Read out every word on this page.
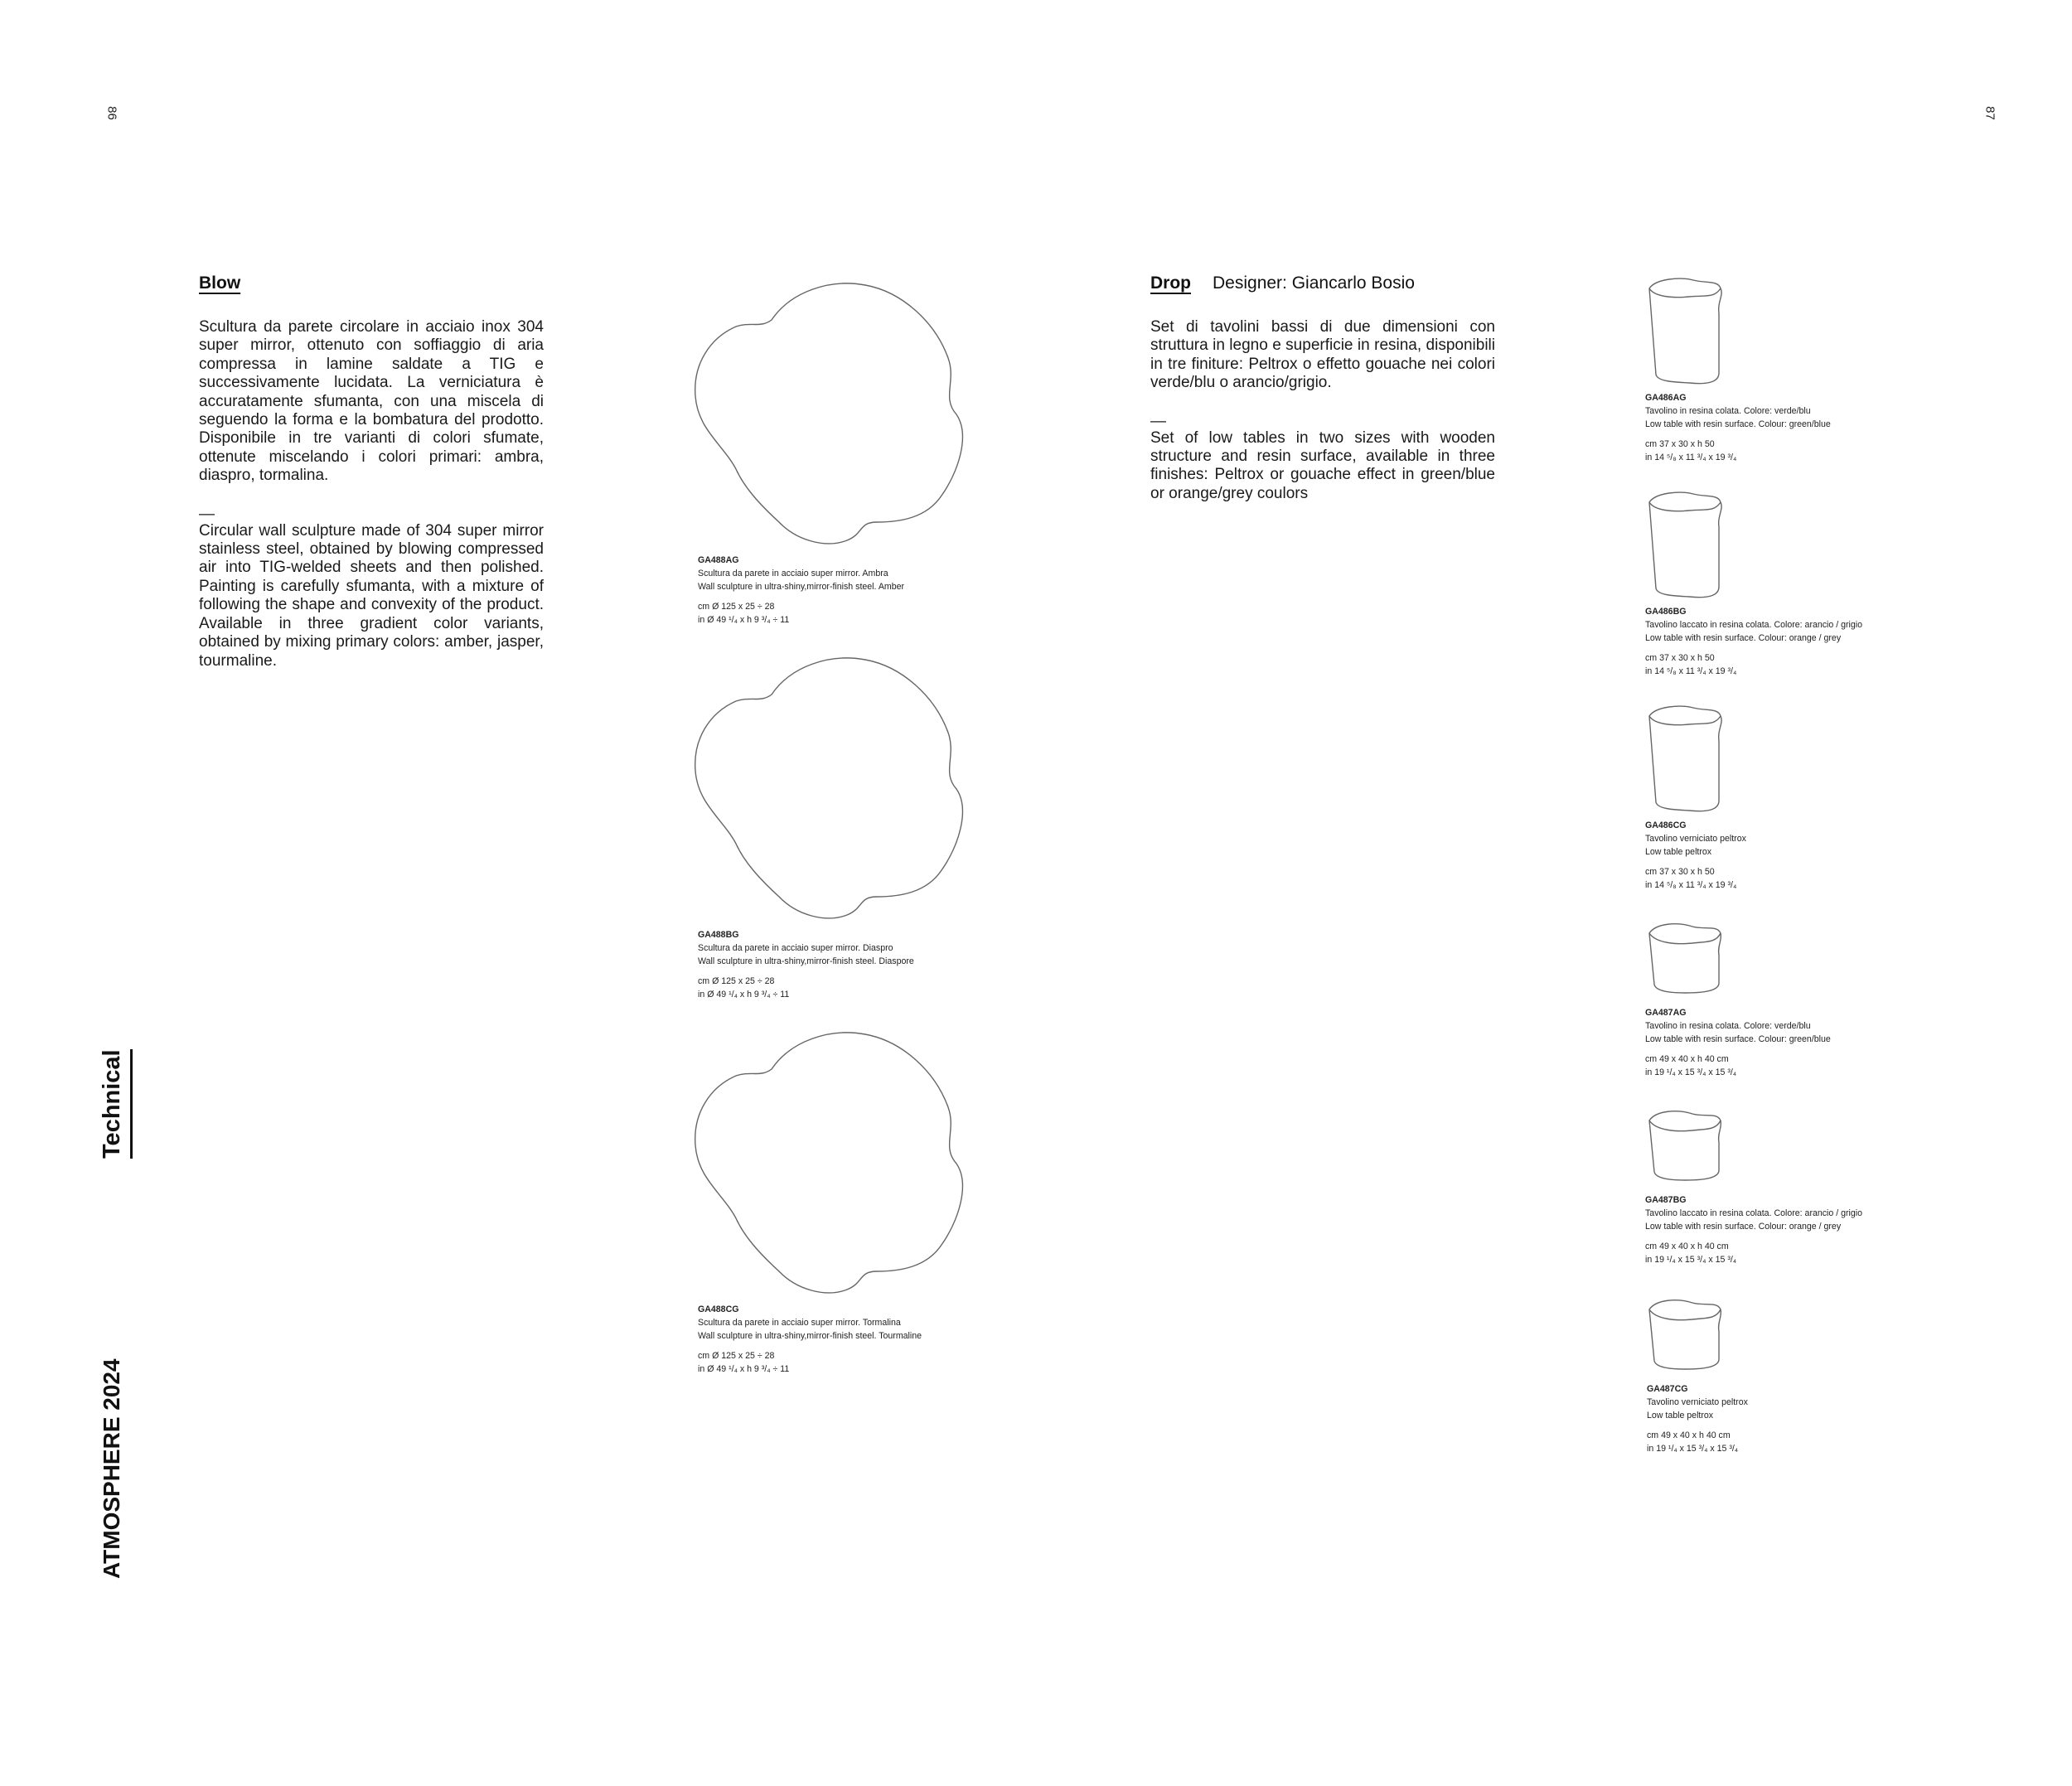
86	87
Technical
ATMOSPHERE 2024
Blow

Scultura da parete circolare in acciaio inox 304 super mirror, ottenuto con soffiaggio di aria compressa in lamine saldate a TIG e successivamente lucidata. La verniciatura è accuratamente sfumanta, con una miscela di seguendo la forma e la bombatura del prodotto. Disponibile in tre varianti di colori sfumate, ottenute miscelando i colori primari: ambra, diaspro, tormalina.

—

Circular wall sculpture made of 304 super mirror stainless steel, obtained by blowing compressed air into TIG-welded sheets and then polished. Painting is carefully sfumanta, with a mixture of following the shape and convexity of the product. Available in three gradient color variants, obtained by mixing primary colors: amber, jasper, tourmaline.

GA488AG
Scultura da parete in acciaio super mirror. Ambra
Wall sculpture in ultra-shiny,mirror-finish steel. Amber
cm Ø 125 x 25 ÷ 28
in Ø 49 ¹/₄ x h 9 ³/₄ ÷ 11
GA488BG
Scultura da parete in acciaio super mirror. Diaspro
Wall sculpture in ultra-shiny,mirror-finish steel. Diaspore
cm Ø 125 x 25 ÷ 28
in Ø 49 ¹/₄ x h 9 ³/₄ ÷ 11
GA488CG
Scultura da parete in acciaio super mirror. Tormalina
Wall sculpture in ultra-shiny,mirror-finish steel. Tourmaline
cm Ø 125 x 25 ÷ 28
in Ø 49 ¹/₄ x h 9 ³/₄ ÷ 11
Drop Designer: Giancarlo Bosio

Set di tavolini bassi di due dimensioni con struttura in legno e superficie in resina, disponibili in tre finiture: Peltrox o effetto gouache nei colori verde/blu o arancio/grigio.

—

Set of low tables in two sizes with wooden structure and resin surface, available in three finishes: Peltrox or gouache effect in green/blue or orange/grey coulors

GA486AG
Tavolino in resina colata. Colore: verde/blu
Low table with resin surface. Colour: green/blue
cm 37 x 30 x h 50
in 14 ⁵/₈ x 11 ³/₄ x 19 ³/₄
GA486BG
Tavolino laccato in resina colata. Colore: arancio / grigio
Low table with resin surface. Colour: orange / grey
cm 37 x 30 x h 50
in 14 ⁵/₈ x 11 ³/₄ x 19 ³/₄
GA486CG
Tavolino verniciato peltrox
Low table peltrox
cm 37 x 30 x h 50
in 14 ⁵/₈ x 11 ³/₄ x 19 ³/₄
GA487AG
Tavolino in resina colata. Colore: verde/blu
Low table with resin surface. Colour: green/blue
cm 49 x 40 x h 40 cm
in 19 ¹/₄ x 15 ³/₄ x 15 ³/₄
GA487BG
Tavolino laccato in resina colata. Colore: arancio / grigio
Low table with resin surface. Colour: orange / grey
cm 49 x 40 x h 40 cm
in 19 ¹/₄ x 15 ³/₄ x 15 ³/₄
GA487CG
Tavolino verniciato peltrox
Low table peltrox
cm 49 x 40 x h 40 cm
in 19 ¹/₄ x 15 ³/₄ x 15 ³/₄
